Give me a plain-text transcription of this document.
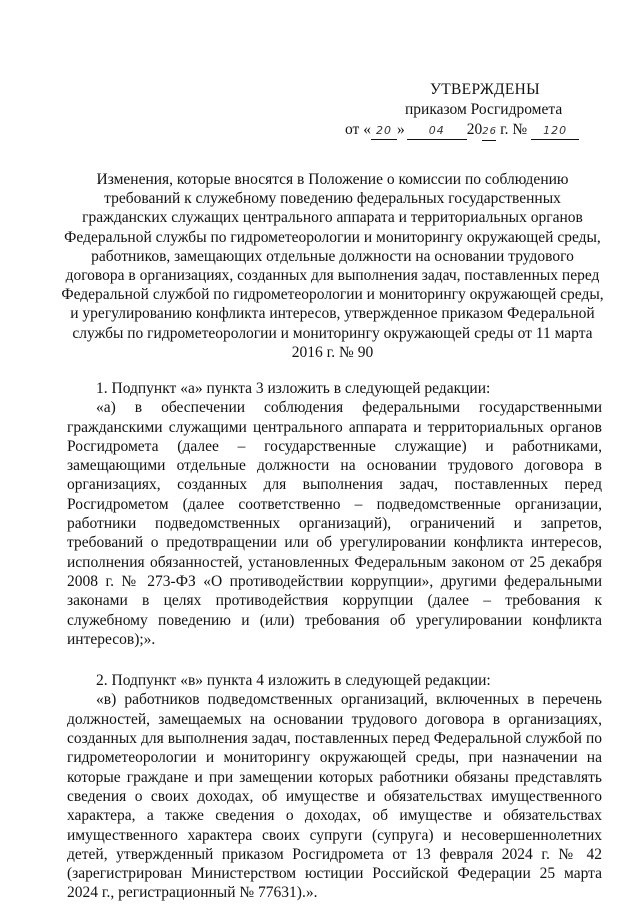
УТВЕРЖДЕНЫ
приказом Росгидромета
от « 20 » 04 2026 г. № 120
Изменения, которые вносятся в Положение о комиссии по соблюдению требований к служебному поведению федеральных государственных гражданских служащих центрального аппарата и территориальных органов Федеральной службы по гидрометеорологии и мониторингу окружающей среды, работников, замещающих отдельные должности на основании трудового договора в организациях, созданных для выполнения задач, поставленных перед Федеральной службой по гидрометеорологии и мониторингу окружающей среды, и урегулированию конфликта интересов, утвержденное приказом Федеральной службы по гидрометеорологии и мониторингу окружающей среды от 11 марта 2016 г. № 90

1. Подпункт «а» пункта 3 изложить в следующей редакции:

«а) в обеспечении соблюдения федеральными государственными гражданскими служащими центрального аппарата и территориальных органов Росгидромета (далее – государственные служащие) и работниками, замещающими отдельные должности на основании трудового договора в организациях, созданных для выполнения задач, поставленных перед Росгидрометом (далее соответственно – подведомственные организации, работники подведомственных организаций), ограничений и запретов, требований о предотвращении или об урегулировании конфликта интересов, исполнения обязанностей, установленных Федеральным законом от 25 декабря 2008 г. № 273-ФЗ «О противодействии коррупции», другими федеральными законами в целях противодействия коррупции (далее – требования к служебному поведению и (или) требования об урегулировании конфликта интересов);».

2. Подпункт «в» пункта 4 изложить в следующей редакции:

«в) работников подведомственных организаций, включенных в перечень должностей, замещаемых на основании трудового договора в организациях, созданных для выполнения задач, поставленных перед Федеральной службой по гидрометеорологии и мониторингу окружающей среды, при назначении на которые граждане и при замещении которых работники обязаны представлять сведения о своих доходах, об имуществе и обязательствах имущественного характера, а также сведения о доходах, об имуществе и обязательствах имущественного характера своих супруги (супруга) и несовершеннолетних детей, утвержденный приказом Росгидромета от 13 февраля 2024 г. № 42 (зарегистрирован Министерством юстиции Российской Федерации 25 марта 2024 г., регистрационный № 77631).».
